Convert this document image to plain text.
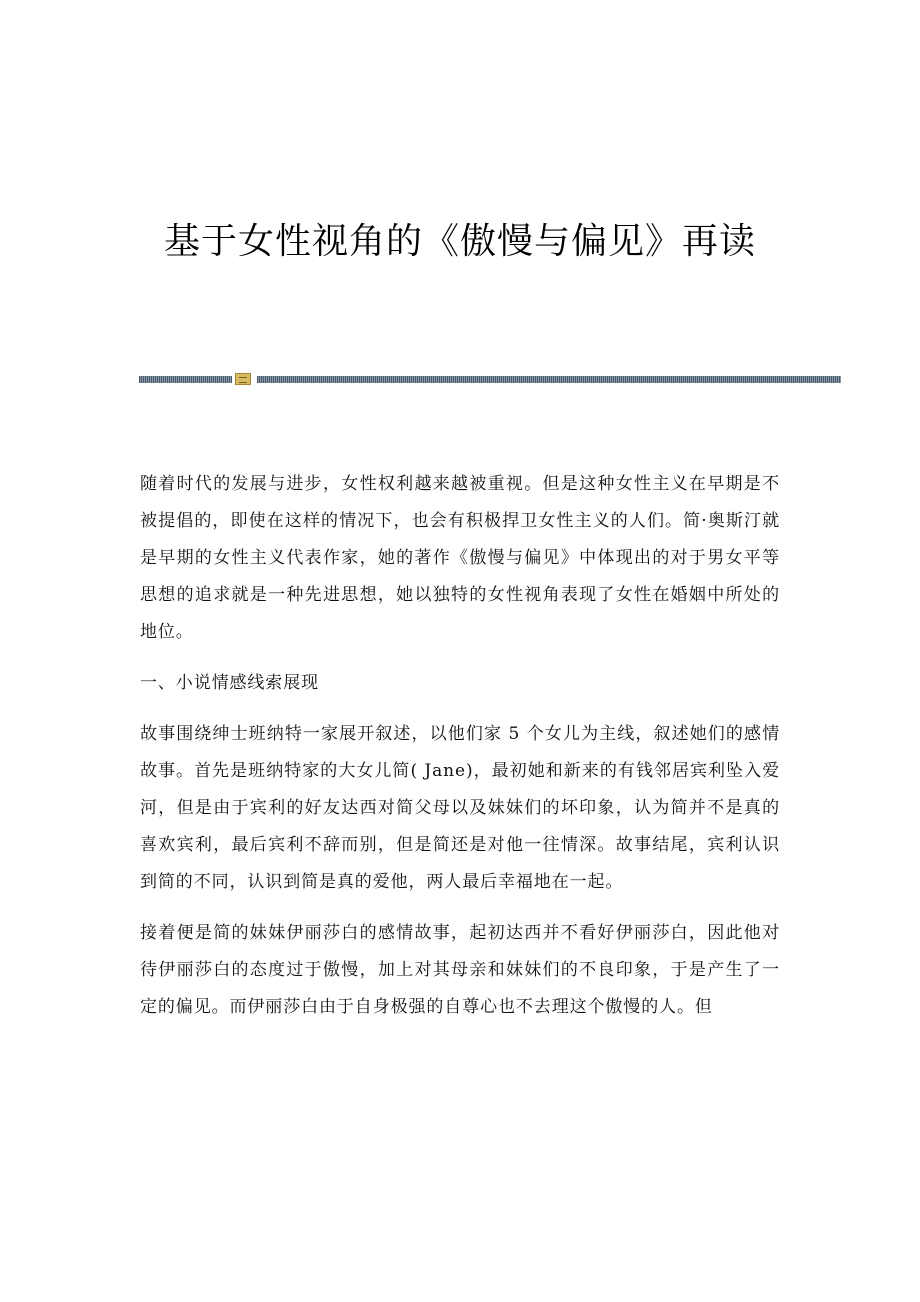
基于女性视角的《傲慢与偏见》再读

随着时代的发展与进步，女性权利越来越被重视。但是这种女性主义在早期是不被提倡的，即使在这样的情况下，也会有积极捍卫女性主义的人们。简·奥斯汀就是早期的女性主义代表作家，她的著作《傲慢与偏见》中体现出的对于男女平等思想的追求就是一种先进思想，她以独特的女性视角表现了女性在婚姻中所处的地位。

一、小说情感线索展现

故事围绕绅士班纳特一家展开叙述，以他们家 5 个女儿为主线，叙述她们的感情故事。首先是班纳特家的大女儿简( Jane)，最初她和新来的有钱邻居宾利坠入爱河，但是由于宾利的好友达西对简父母以及妹妹们的坏印象，认为简并不是真的喜欢宾利，最后宾利不辞而别，但是简还是对他一往情深。故事结尾，宾利认识到简的不同，认识到简是真的爱他，两人最后幸福地在一起。

接着便是简的妹妹伊丽莎白的感情故事，起初达西并不看好伊丽莎白，因此他对待伊丽莎白的态度过于傲慢，加上对其母亲和妹妹们的不良印象，于是产生了一定的偏见。而伊丽莎白由于自身极强的自尊心也不去理这个傲慢的人。但
